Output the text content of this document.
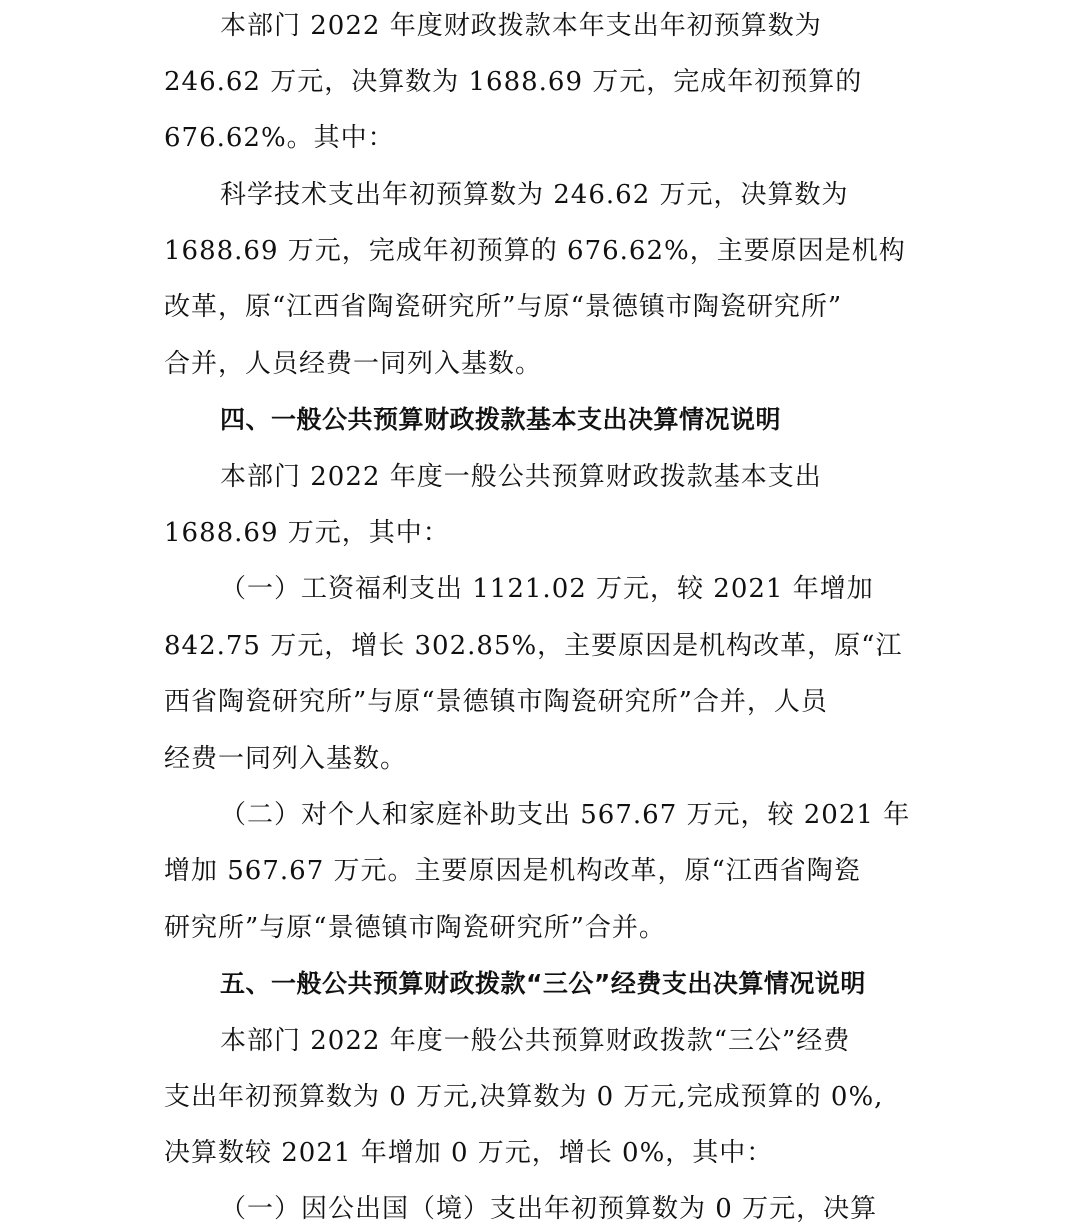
本部门 2022 年度财政拨款本年支出年初预算数为
246.62 万元，决算数为 1688.69 万元，完成年初预算的
676.62%。其中：
科学技术支出年初预算数为 246.62 万元，决算数为
1688.69 万元，完成年初预算的 676.62%，主要原因是机构
改革，原“江西省陶瓷研究所”与原“景德镇市陶瓷研究所”
合并，人员经费一同列入基数。
四、一般公共预算财政拨款基本支出决算情况说明
本部门 2022 年度一般公共预算财政拨款基本支出
1688.69 万元，其中：
（一）工资福利支出 1121.02 万元，较 2021 年增加
842.75 万元，增长 302.85%，主要原因是机构改革，原“江
西省陶瓷研究所”与原“景德镇市陶瓷研究所”合并，人员
经费一同列入基数。
（二）对个人和家庭补助支出 567.67 万元，较 2021 年
增加 567.67 万元。主要原因是机构改革，原“江西省陶瓷
研究所”与原“景德镇市陶瓷研究所”合并。
五、一般公共预算财政拨款“三公”经费支出决算情况说明
本部门 2022 年度一般公共预算财政拨款“三公”经费
支出年初预算数为 0 万元,决算数为 0 万元,完成预算的 0%,
决算数较 2021 年增加 0 万元，增长 0%，其中：
（一）因公出国（境）支出年初预算数为 0 万元，决算
